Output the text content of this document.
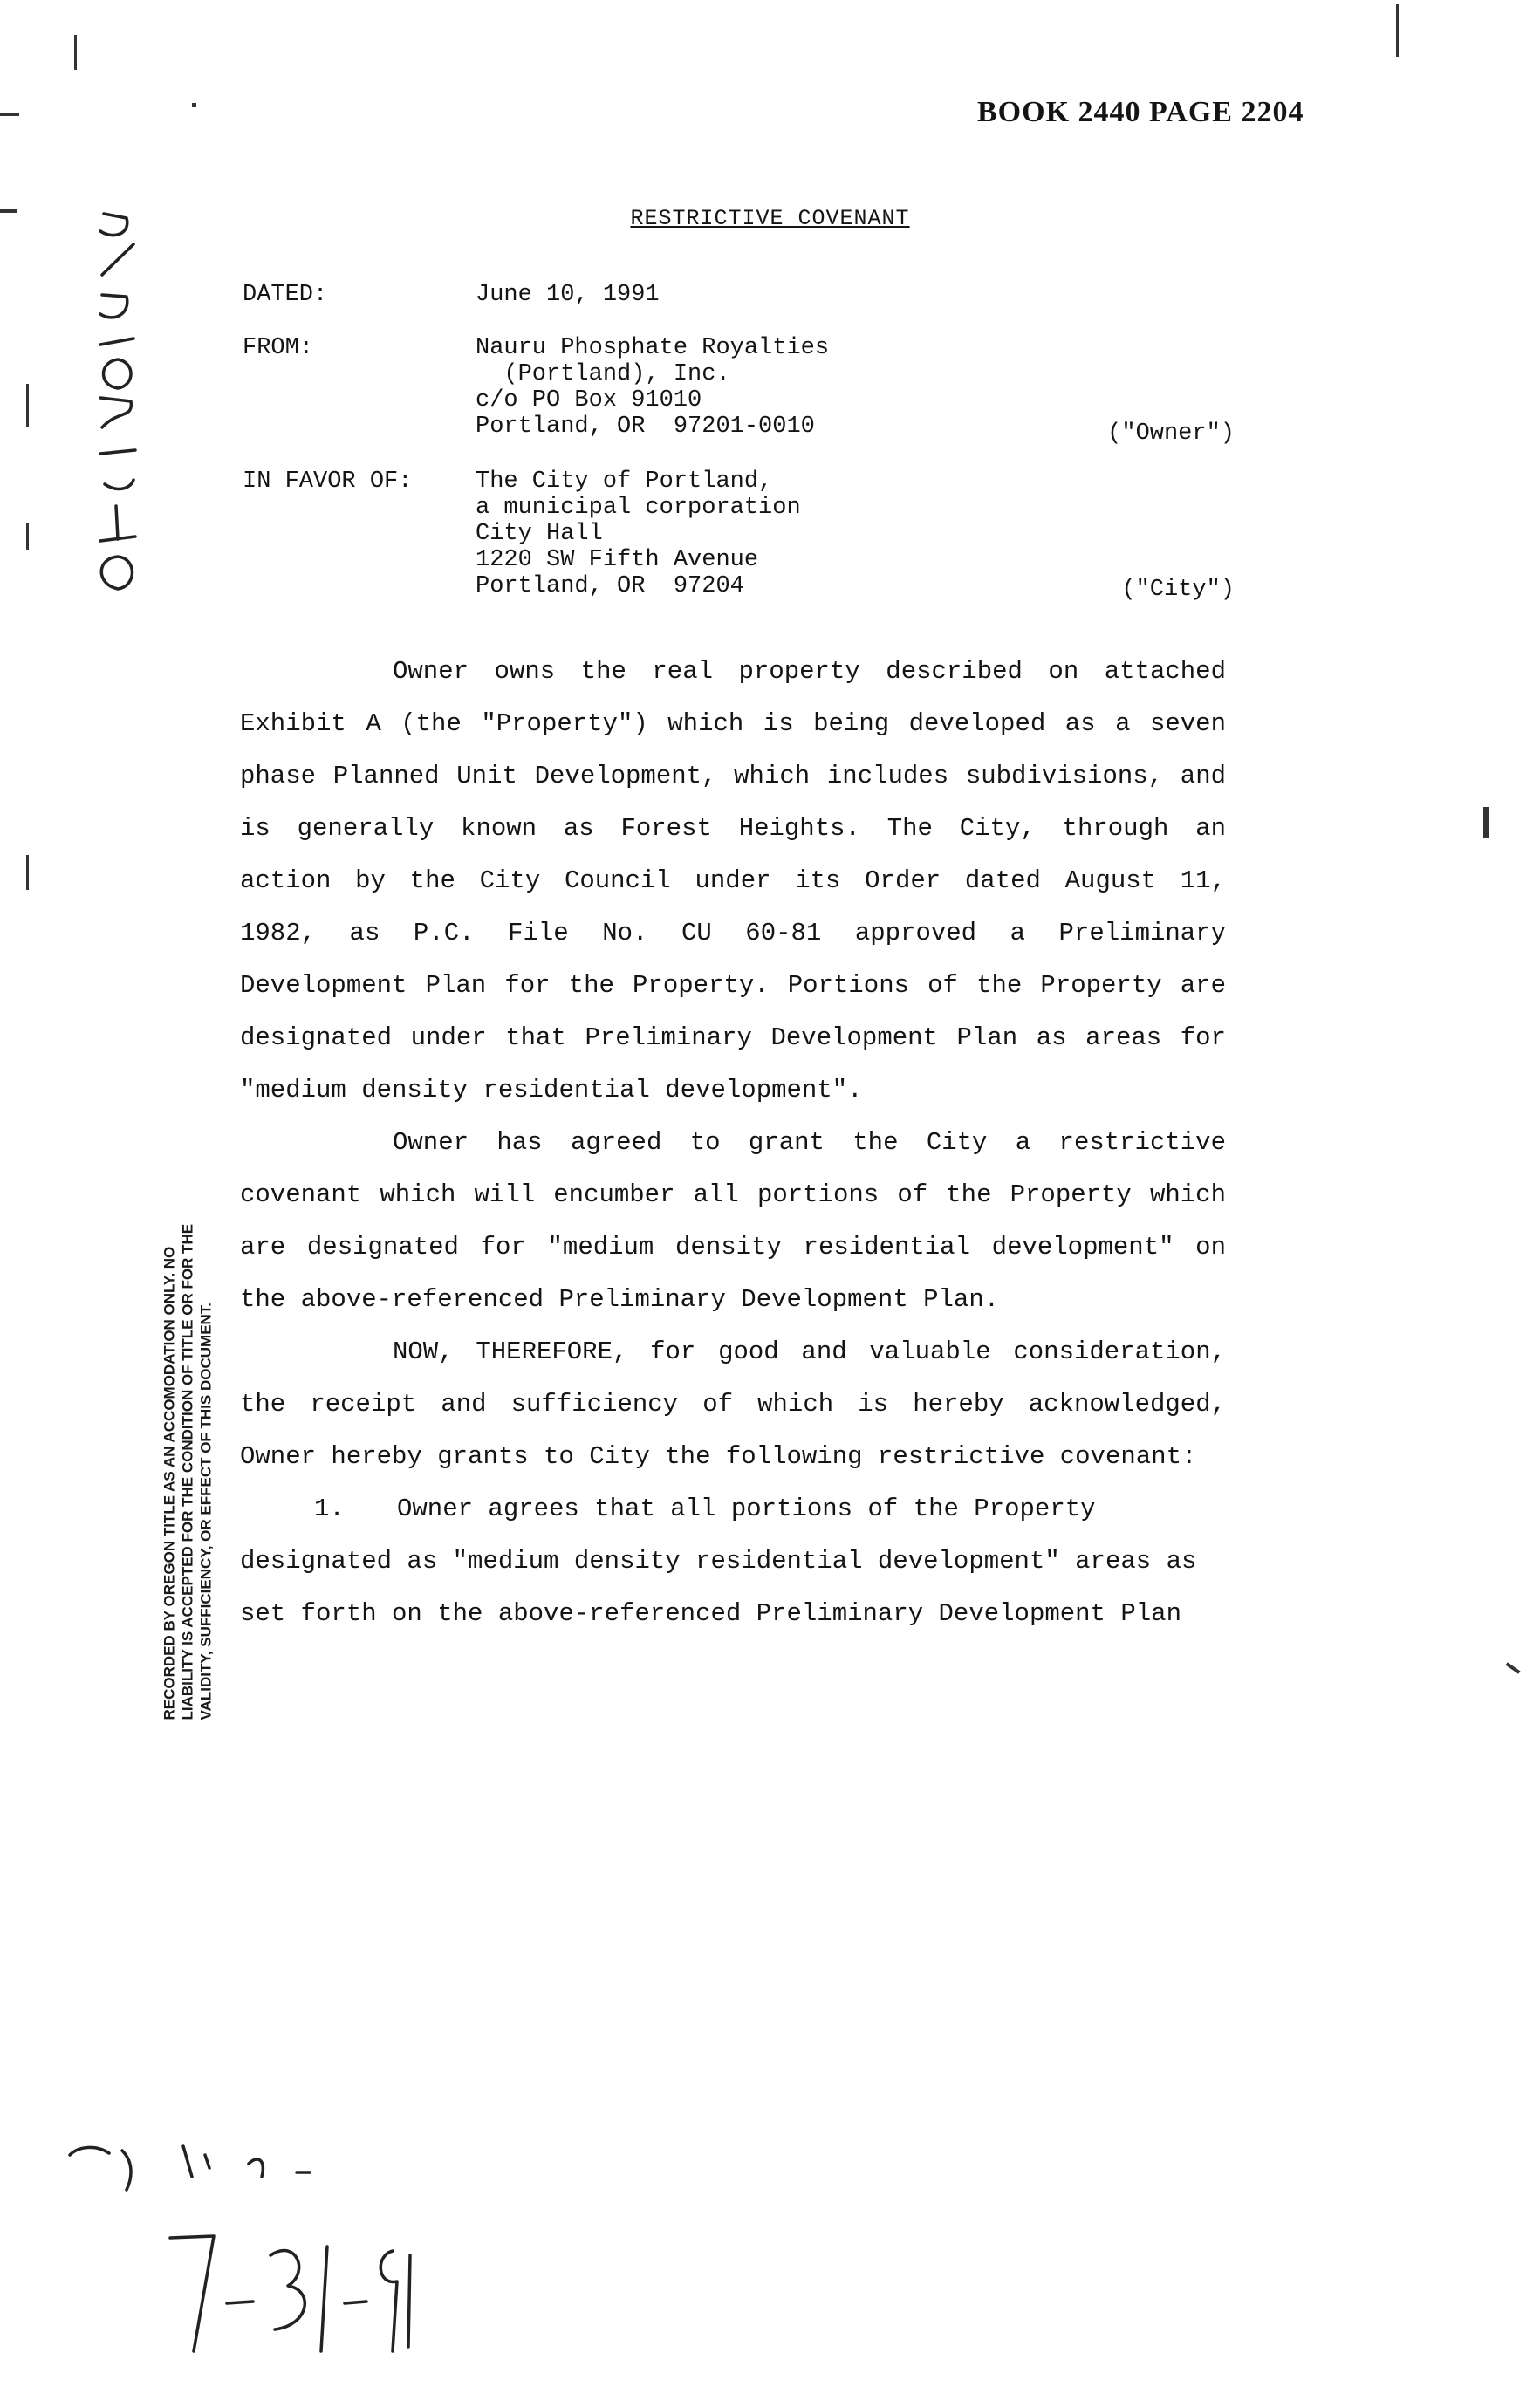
BOOK 2440 PAGE 2204
RESTRICTIVE COVENANT
DATED:	June 10, 1991
FROM:	Nauru Phosphate Royalties
(Portland), Inc.
c/o PO Box 91010
Portland, OR  97201-0010	("Owner")
IN FAVOR OF:	The City of Portland,
a municipal corporation
City Hall
1220 SW Fifth Avenue
Portland, OR  97204	("City")

Owner owns the real property described on attached Exhibit A (the "Property") which is being developed as a seven phase Planned Unit Development, which includes subdivisions, and is generally known as Forest Heights. The City, through an action by the City Council under its Order dated August 11, 1982, as P.C. File No. CU 60-81 approved a Preliminary Development Plan for the Property. Portions of the Property are designated under that Preliminary Development Plan as areas for "medium density residential development".

Owner has agreed to grant the City a restrictive covenant which will encumber all portions of the Property which are designated for "medium density residential development" on the above-referenced Preliminary Development Plan.

NOW, THEREFORE, for good and valuable consideration, the receipt and sufficiency of which is hereby acknowledged, Owner hereby grants to City the following restrictive covenant:

1. Owner agrees that all portions of the Property designated as "medium density residential development" areas as set forth on the above-referenced Preliminary Development Plan

RECORDED BY OREGON TITLE AS AN ACCOMODATION ONLY. NO LIABILITY IS ACCEPTED FOR THE CONDITION OF TITLE OR FOR THE VALIDITY, SUFFICIENCY, OR EFFECT OF THIS DOCUMENT.
